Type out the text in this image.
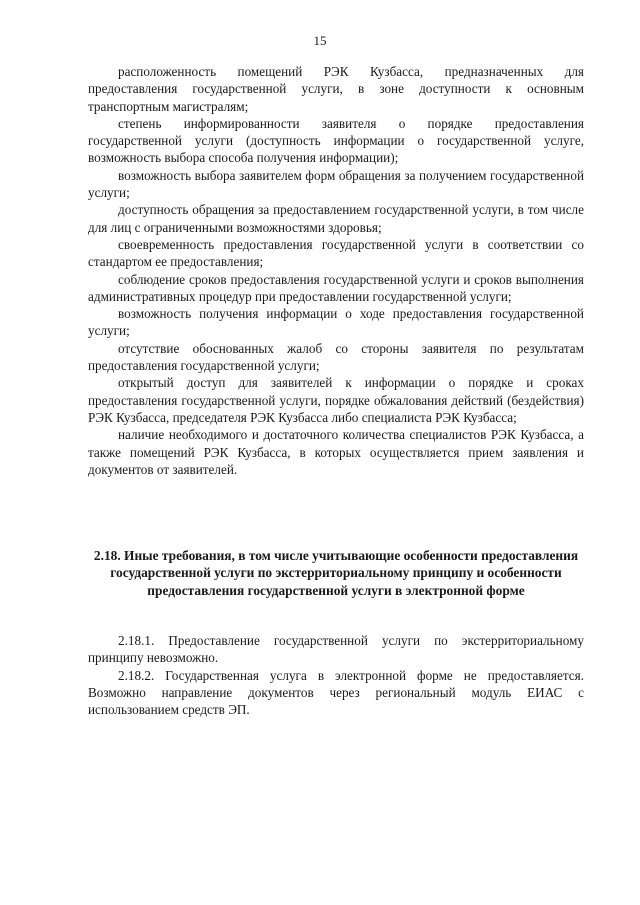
15

расположенность помещений РЭК Кузбасса, предназначенных для предоставления государственной услуги, в зоне доступности к основным транспортным магистралям;

степень информированности заявителя о порядке предоставления государственной услуги (доступность информации о государственной услуге, возможность выбора способа получения информации);

возможность выбора заявителем форм обращения за получением государственной услуги;

доступность обращения за предоставлением государственной услуги, в том числе для лиц с ограниченными возможностями здоровья;

своевременность предоставления государственной услуги в соответствии со стандартом ее предоставления;

соблюдение сроков предоставления государственной услуги и сроков выполнения административных процедур при предоставлении государственной услуги;

возможность получения информации о ходе предоставления государственной услуги;

отсутствие обоснованных жалоб со стороны заявителя по результатам предоставления государственной услуги;

открытый доступ для заявителей к информации о порядке и сроках предоставления государственной услуги, порядке обжалования действий (бездействия) РЭК Кузбасса, председателя РЭК Кузбасса либо специалиста РЭК Кузбасса;

наличие необходимого и достаточного количества специалистов РЭК Кузбасса, а также помещений РЭК Кузбасса, в которых осуществляется прием заявления и документов от заявителей.

2.18. Иные требования, в том числе учитывающие особенности предоставления государственной услуги по экстерриториальному принципу и особенности предоставления государственной услуги в электронной форме

2.18.1. Предоставление государственной услуги по экстерриториальному принципу невозможно.

2.18.2. Государственная услуга в электронной форме не предоставляется. Возможно направление документов через региональный модуль ЕИАС с использованием средств ЭП.
